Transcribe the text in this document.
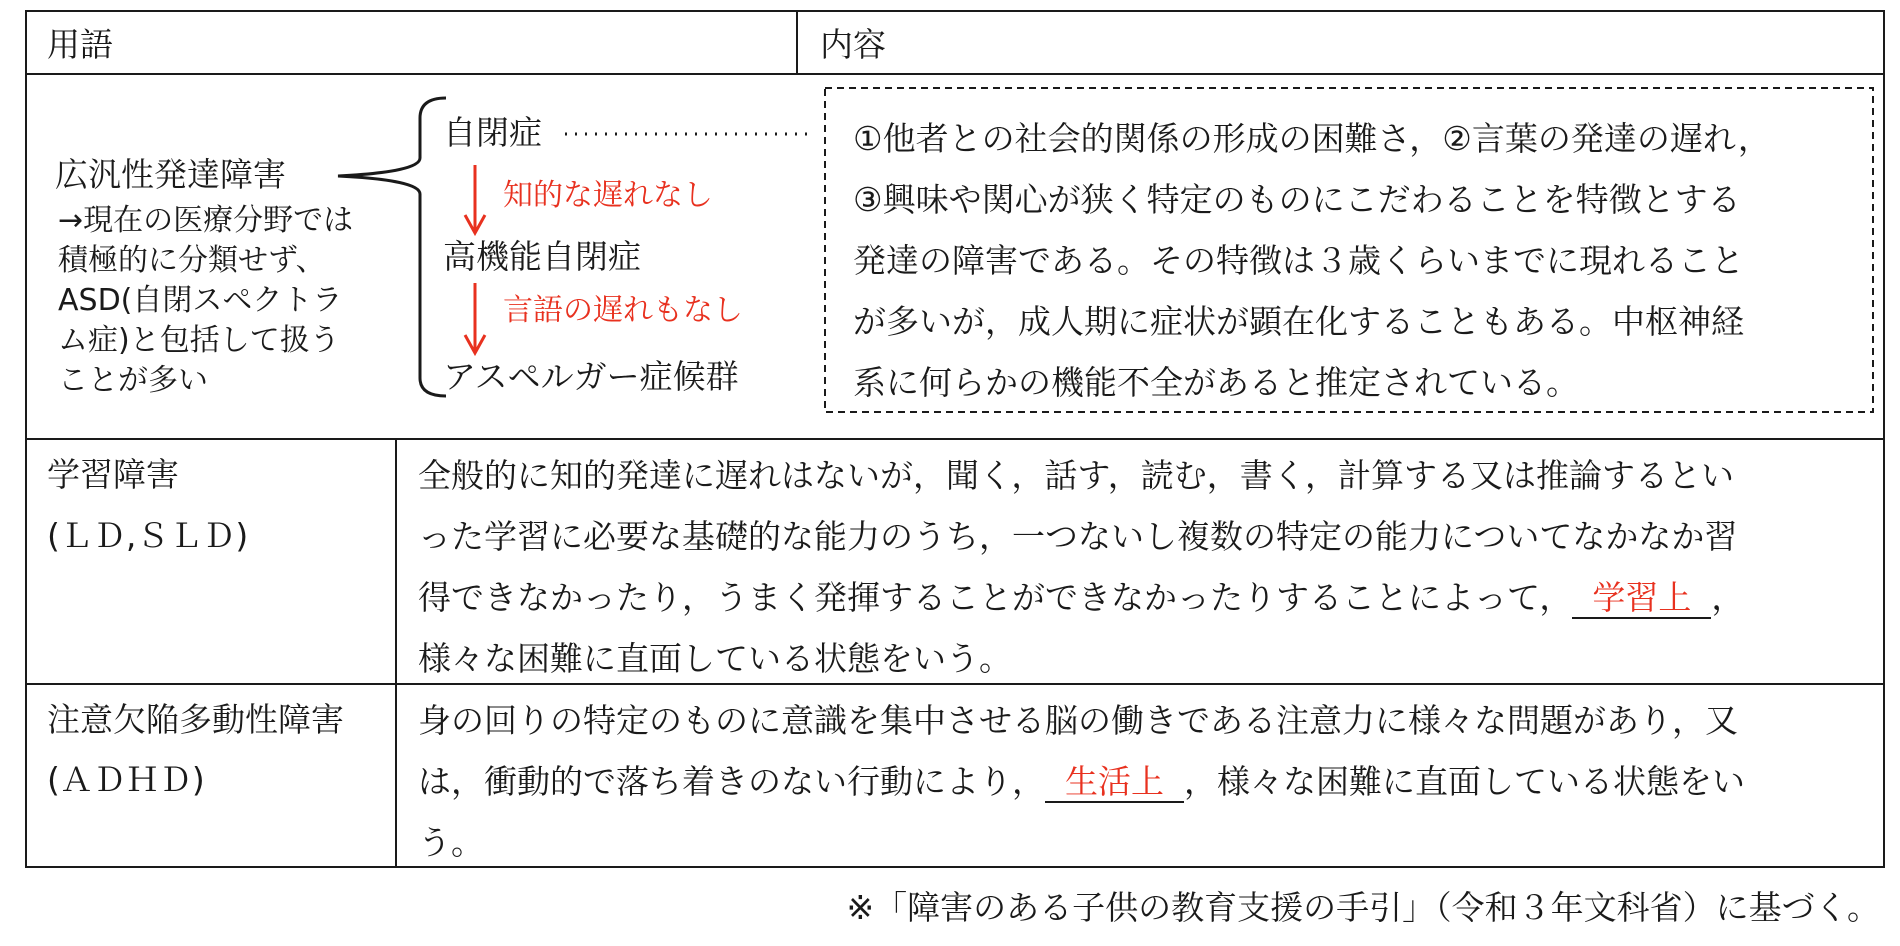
用語	内容
広汎性発達障害
→現在の医療分野では
積極的に分類せず、
ASD(自閉スペクトラ
ム症)と包括して扱う
ことが多い
自閉症
知的な遅れなし
高機能自閉症
言語の遅れもなし
アスペルガー症候群
①他者との社会的関係の形成の困難さ，②言葉の発達の遅れ，
③興味や関心が狭く特定のものにこだわることを特徴とする
発達の障害である。その特徴は３歳くらいまでに現れること
が多いが，成人期に症状が顕在化することもある。中枢神経
系に何らかの機能不全があると推定されている。
学習障害
(ＬＤ,ＳＬＤ)
全般的に知的発達に遅れはないが，聞く，話す，読む，書く，計算する又は推論するとい
った学習に必要な基礎的な能力のうち，一つないし複数の特定の能力についてなかなか習
得できなかったり，うまく発揮することができなかったりすることによって， 学習上 ，
様々な困難に直面している状態をいう。
注意欠陥多動性障害
(ＡＤＨＤ)
身の回りの特定のものに意識を集中させる脳の働きである注意力に様々な問題があり，又
は，衝動的で落ち着きのない行動により， 生活上 ，様々な困難に直面している状態をい
う。
※「障害のある子供の教育支援の手引」（令和３年文科省）に基づく。
